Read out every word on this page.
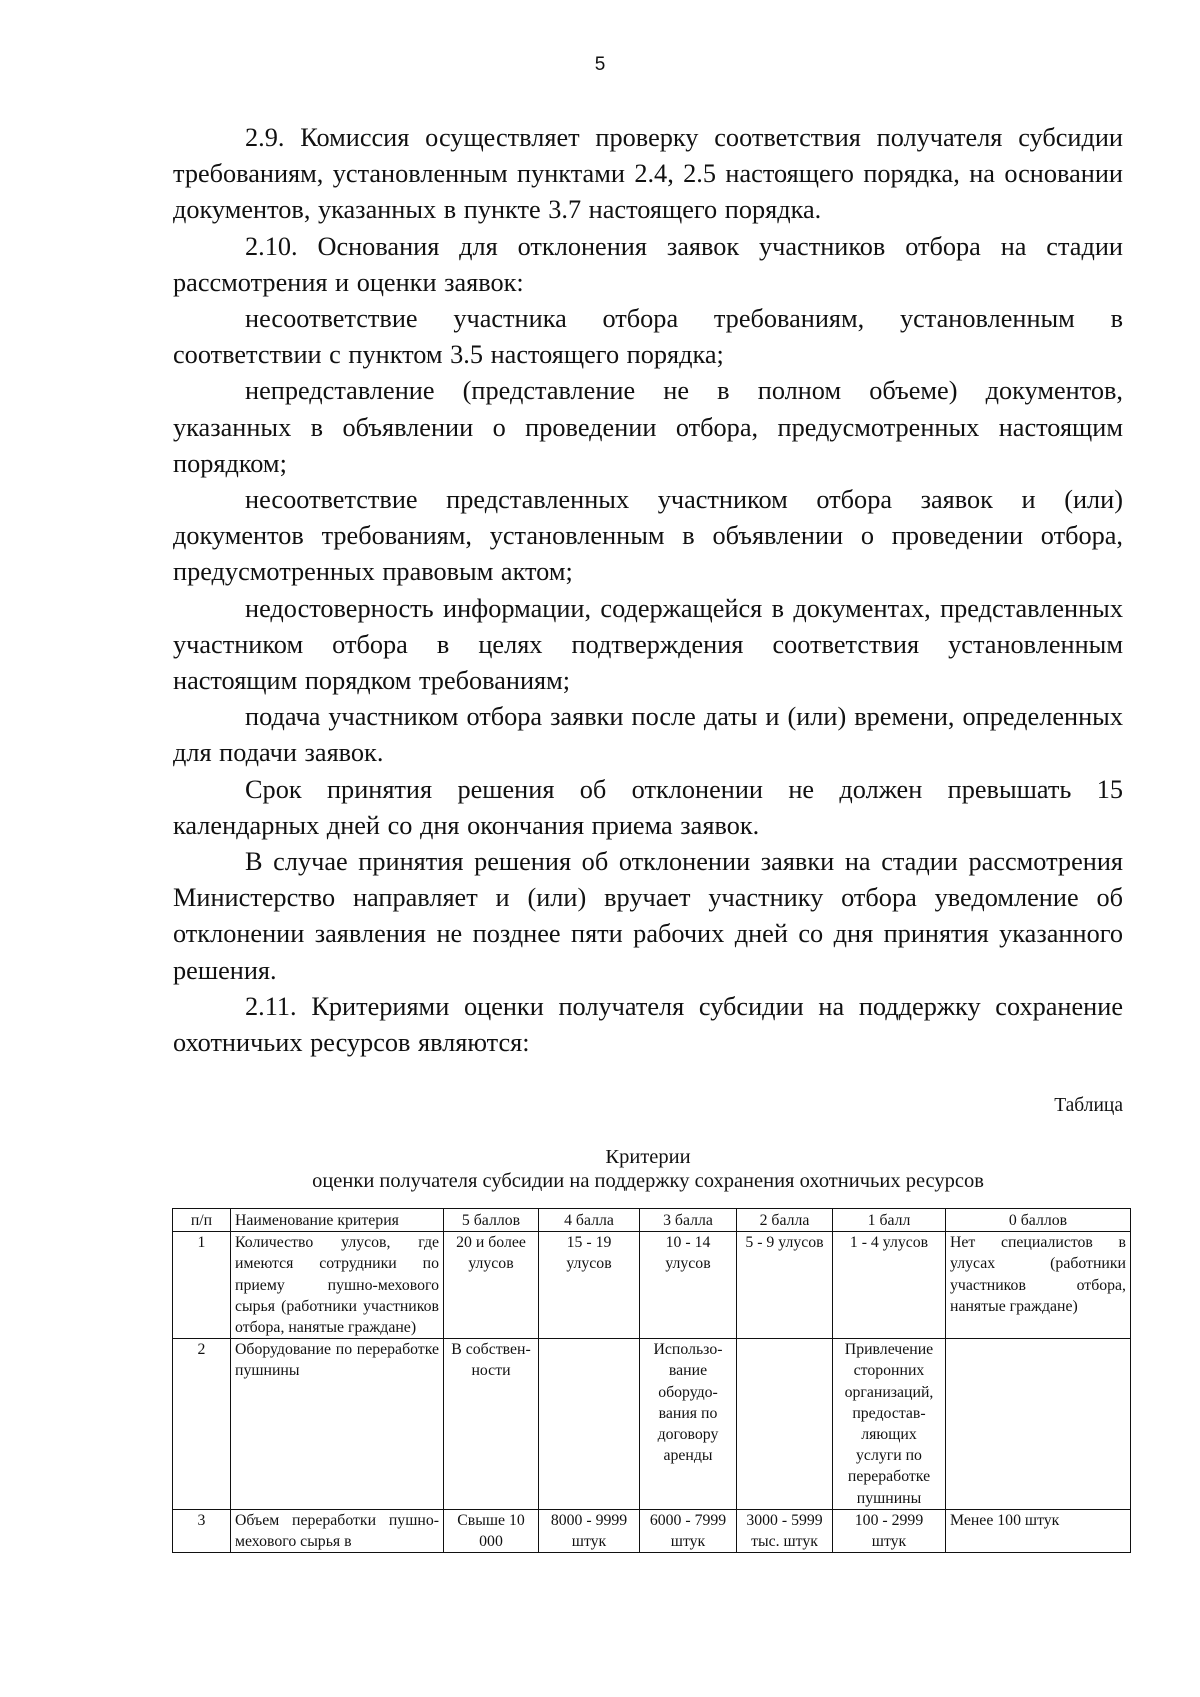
5

2.9. Комиссия осуществляет проверку соответствия получателя субсидии требованиям, установленным пунктами 2.4, 2.5 настоящего порядка, на основании документов, указанных в пункте 3.7 настоящего порядка.

2.10. Основания для отклонения заявок участников отбора на стадии рассмотрения и оценки заявок:

несоответствие участника отбора требованиям, установленным в соответствии с пунктом 3.5 настоящего порядка;

непредставление (представление не в полном объеме) документов, указанных в объявлении о проведении отбора, предусмотренных настоящим порядком;

несоответствие представленных участником отбора заявок и (или) документов требованиям, установленным в объявлении о проведении отбора, предусмотренных правовым актом;

недостоверность информации, содержащейся в документах, представленных участником отбора в целях подтверждения соответствия установленным настоящим порядком требованиям;

подача участником отбора заявки после даты и (или) времени, определенных для подачи заявок.

Срок принятия решения об отклонении не должен превышать 15 календарных дней со дня окончания приема заявок.

В случае принятия решения об отклонении заявки на стадии рассмотрения Министерство направляет и (или) вручает участнику отбора уведомление об отклонении заявления не позднее пяти рабочих дней со дня принятия указанного решения.

2.11. Критериями оценки получателя субсидии на поддержку сохранение охотничьих ресурсов являются:

Таблица
Критерии
оценки получателя субсидии на поддержку сохранения охотничьих ресурсов
п/п	Наименование критерия	5 баллов	4 балла	3 балла	2 балла	1 балл	0 баллов
1	Количество улусов, где имеются сотрудники по приему пушно-мехового сырья (работники участников отбора, нанятые граждане)	20 и более улусов	15 - 19 улусов	10 - 14 улусов	5 - 9 улусов	1 - 4 улусов	Нет специалистов в улусах (работники участников отбора, нанятые граждане)
2	Оборудование по переработке пушнины	В собствен-ности		Использо-вание оборудо-вания по договору аренды		Привлечение сторонних организаций, предостав-ляющих услуги по переработке пушнины	
3	Объем переработки пушно-мехового сырья в	Свыше 10 000	8000 - 9999 штук	6000 - 7999 штук	3000 - 5999 тыс. штук	100 - 2999 штук	Менее 100 штук
